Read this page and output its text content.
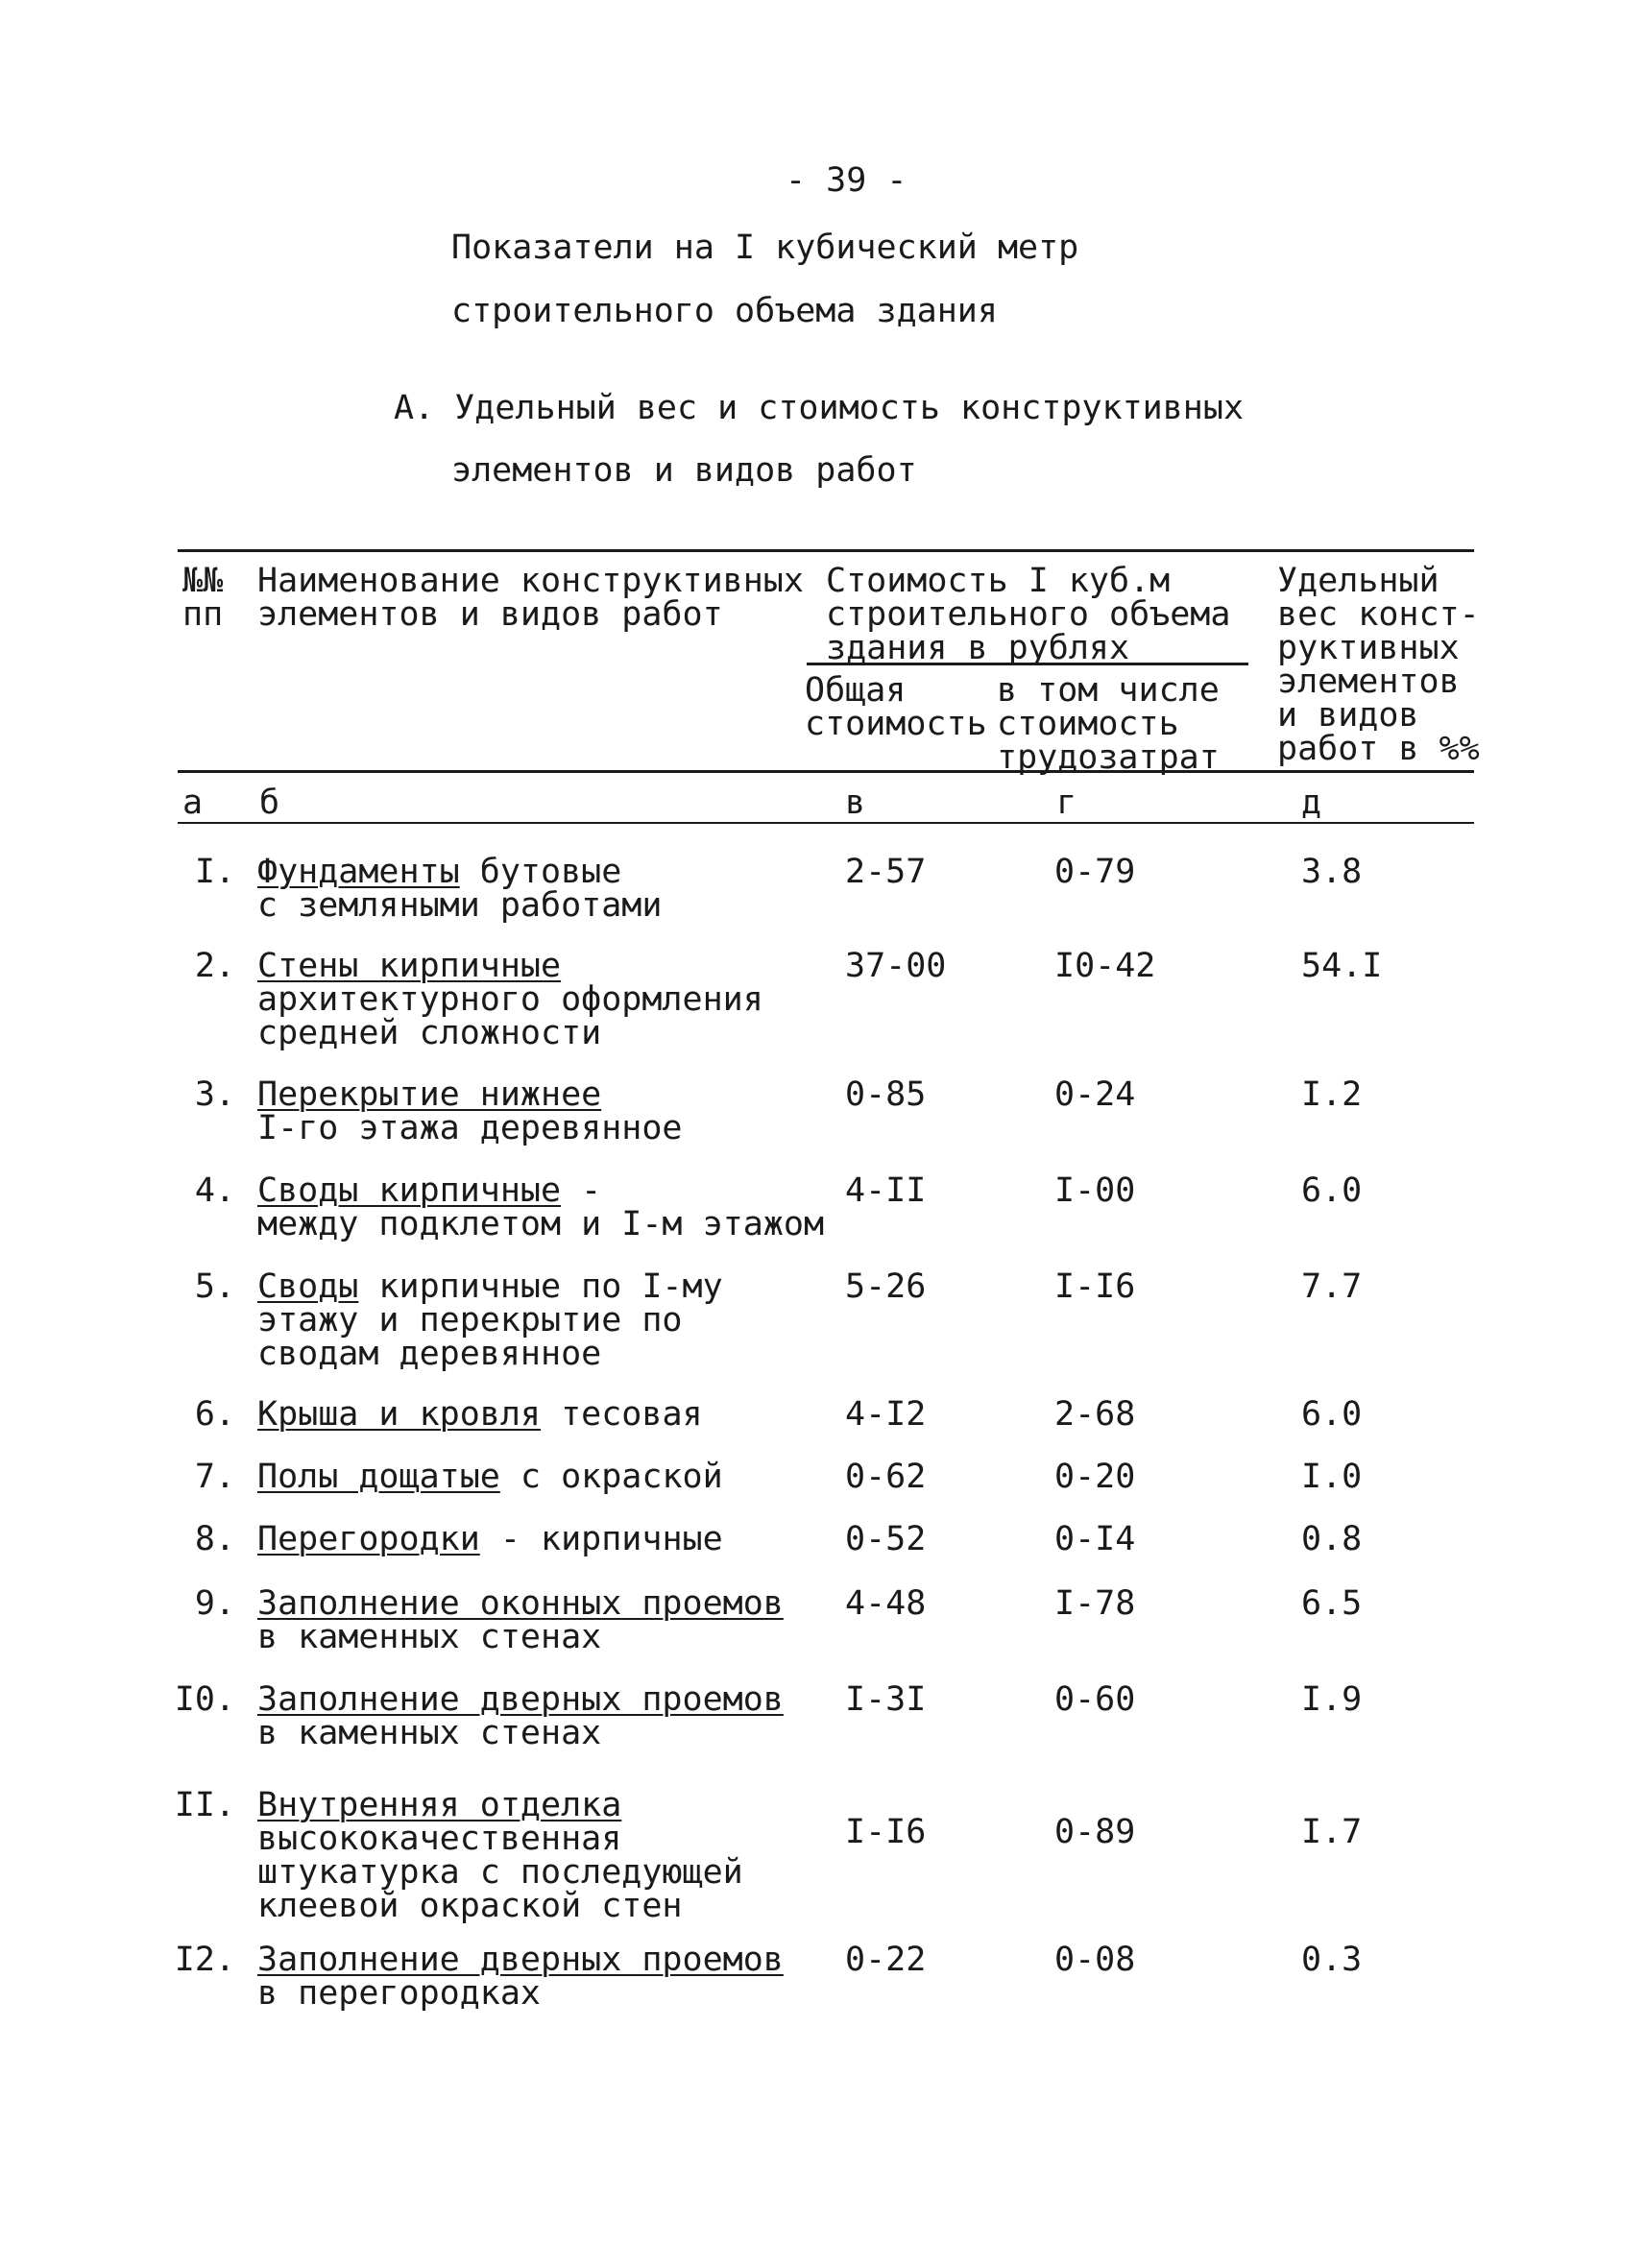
- 39 -
Показатели на I кубический метр
строительного объема здания
А. Удельный вес и стоимость конструктивных
элементов и видов работ
№№
пп
Наименование конструктивных
элементов и видов работ
Стоимость I куб.м
строительного объема
здания в рублях
Общая
стоимость
в том числе
стоимость
трудозатрат
Удельный
вес конст-
руктивных
элементов
и видов
работ в %%
а б	в	г	д
I. Фундаменты бутовые
с земляными работами
2-57	0-79	3.8
2. Стены кирпичные
архитектурного оформления
средней сложности
37-00	I0-42	54.I
3. Перекрытие нижнее
I-го этажа деревянное
0-85	0-24	I.2
4. Своды кирпичные -
между подклетом и I-м этажом
4-II	I-00	6.0
5. Своды кирпичные по I-му
этажу и перекрытие по
сводам деревянное
5-26	I-I6	7.7
6. Крыша и кровля тесовая	4-I2	2-68	6.0
7. Полы дощатые с окраской	0-62	0-20	I.0
8. Перегородки - кирпичные	0-52	0-I4	0.8
9. Заполнение оконных проемов
в каменных стенах
4-48	I-78	6.5
I0. Заполнение дверных проемов
в каменных стенах
I-3I	0-60	I.9
II. Внутренняя отделка
высококачественная
штукатурка с последующей
клеевой окраской стен
I-I6	0-89	I.7
I2. Заполнение дверных проемов
в перегородках
0-22	0-08	0.3
